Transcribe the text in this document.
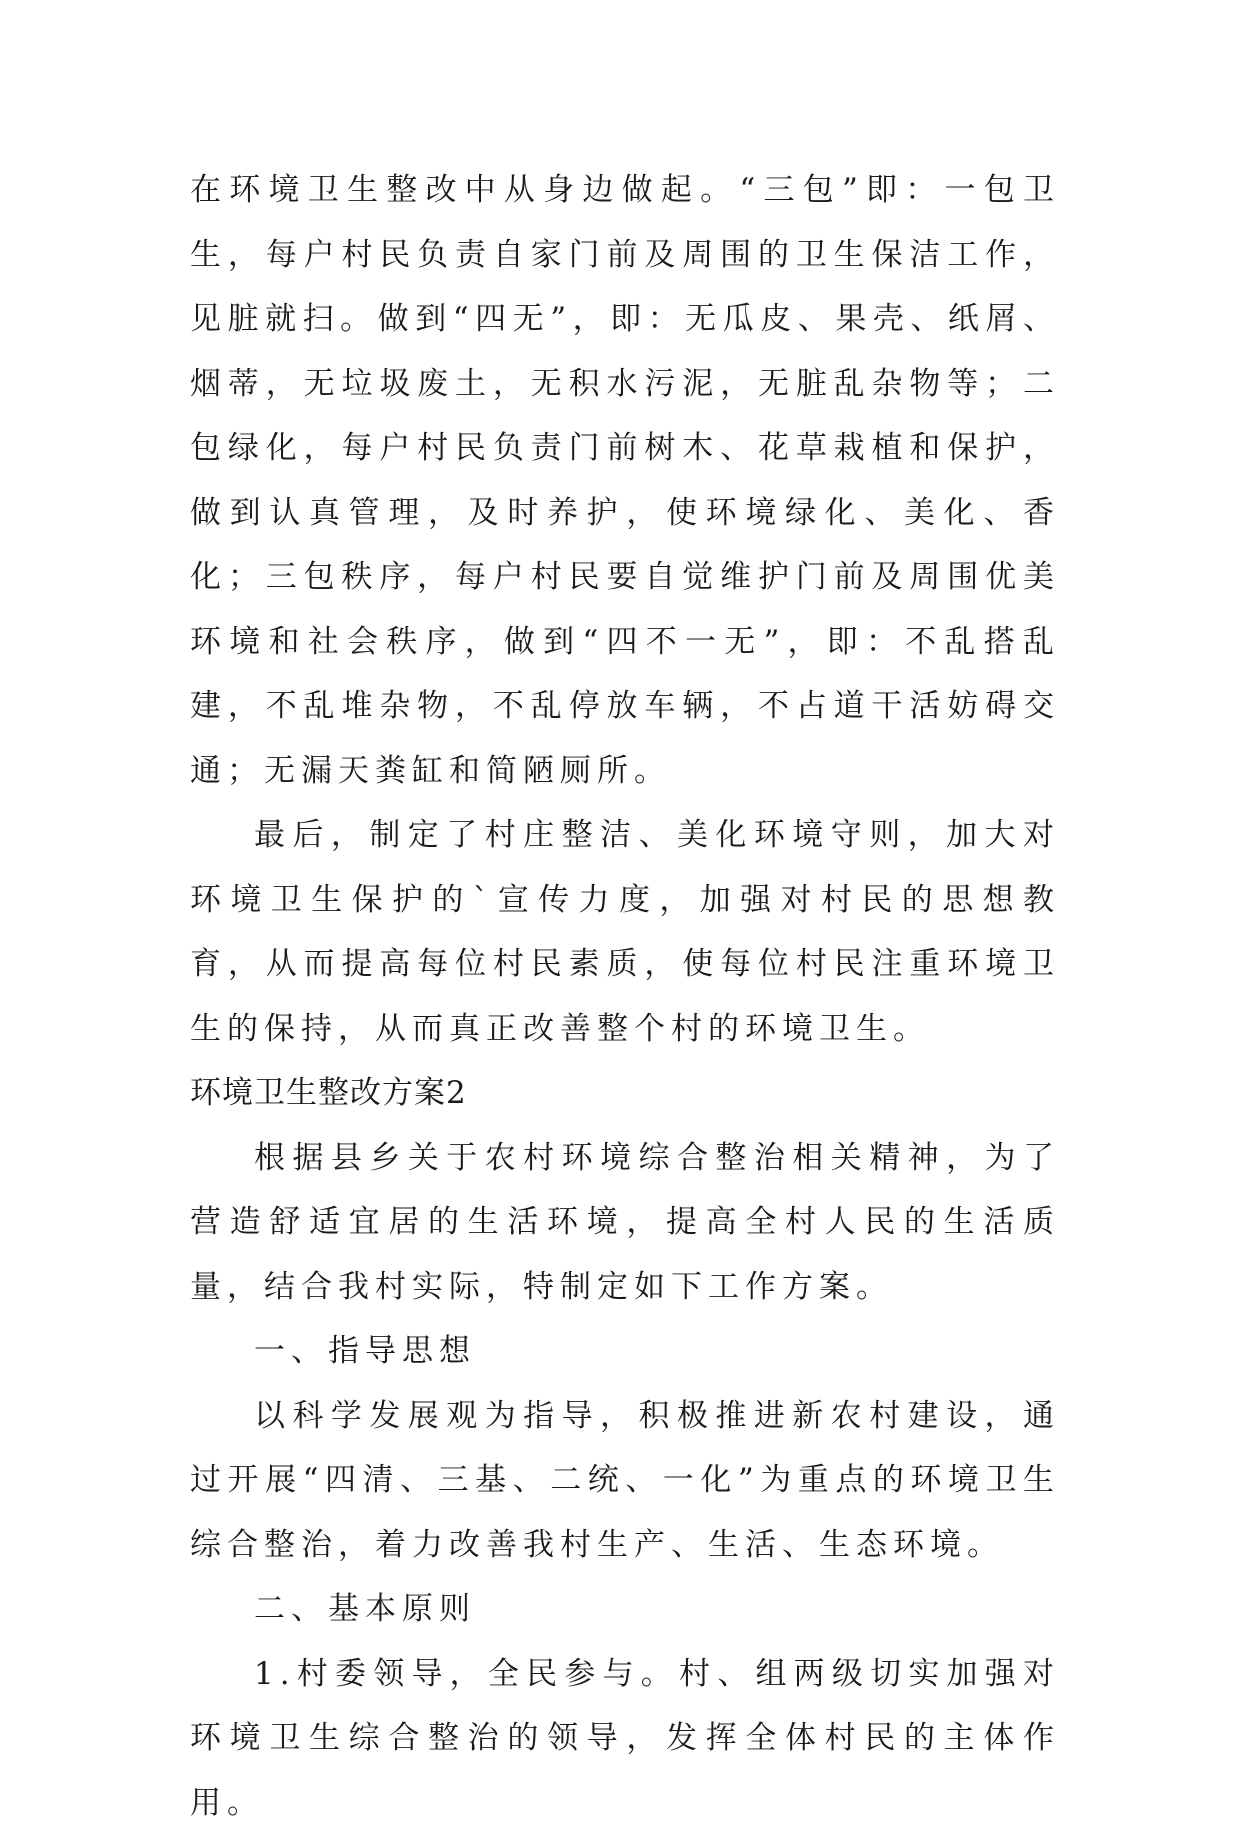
在环境卫生整改中从身边做起。“三包”即：一包卫生，每户村民负责自家门前及周围的卫生保洁工作，见脏就扫。做到“四无”，即：无瓜皮、果壳、纸屑、烟蒂，无垃圾废土，无积水污泥，无脏乱杂物等；二包绿化，每户村民负责门前树木、花草栽植和保护，做到认真管理，及时养护，使环境绿化、美化、香化；三包秩序，每户村民要自觉维护门前及周围优美环境和社会秩序，做到“四不一无”，即：不乱搭乱建，不乱堆杂物，不乱停放车辆，不占道干活妨碍交通；无漏天粪缸和简陋厕所。

最后，制定了村庄整洁、美化环境守则，加大对环境卫生保护的`宣传力度，加强对村民的思想教育，从而提高每位村民素质，使每位村民注重环境卫生的保持，从而真正改善整个村的环境卫生。

环境卫生整改方案2

根据县乡关于农村环境综合整治相关精神，为了营造舒适宜居的生活环境，提高全村人民的生活质量，结合我村实际，特制定如下工作方案。

一、指导思想

以科学发展观为指导，积极推进新农村建设，通过开展“四清、三基、二统、一化”为重点的环境卫生综合整治，着力改善我村生产、生活、生态环境。

二、基本原则

1.村委领导，全民参与。村、组两级切实加强对环境卫生综合整治的领导，发挥全体村民的主体作用。
